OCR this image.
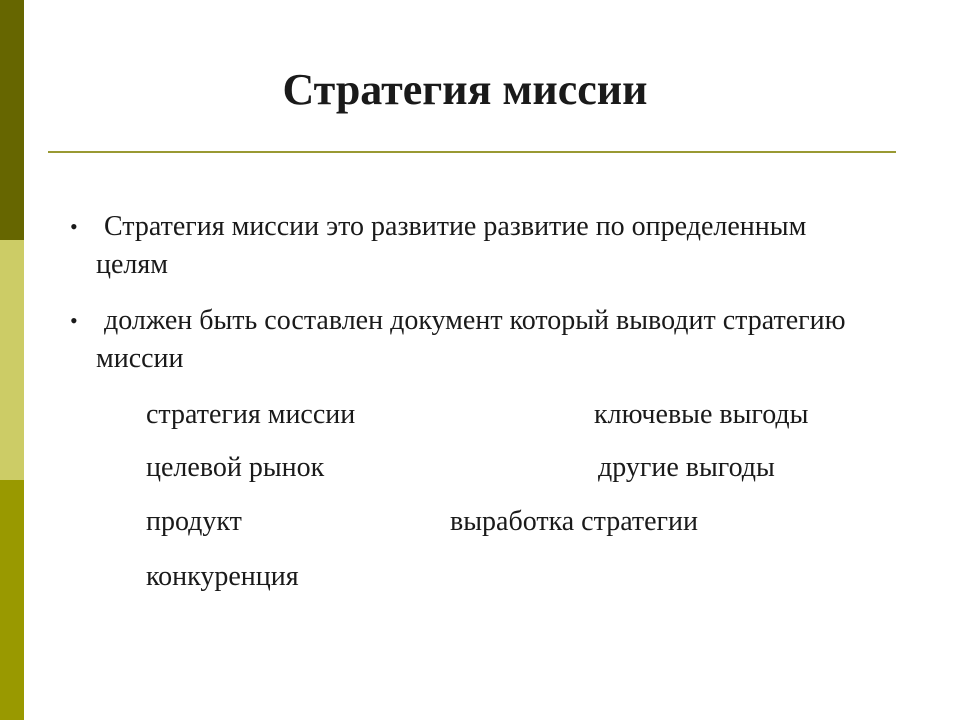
Стратегия миссии
• Стратегия миссии это развитие развитие по определенным целям
• должен быть составлен документ который выводит стратегию миссии
стратегия миссии
целевой рынок
продукт
конкуренция
ключевые выгоды
другие выгоды
выработка стратегии
